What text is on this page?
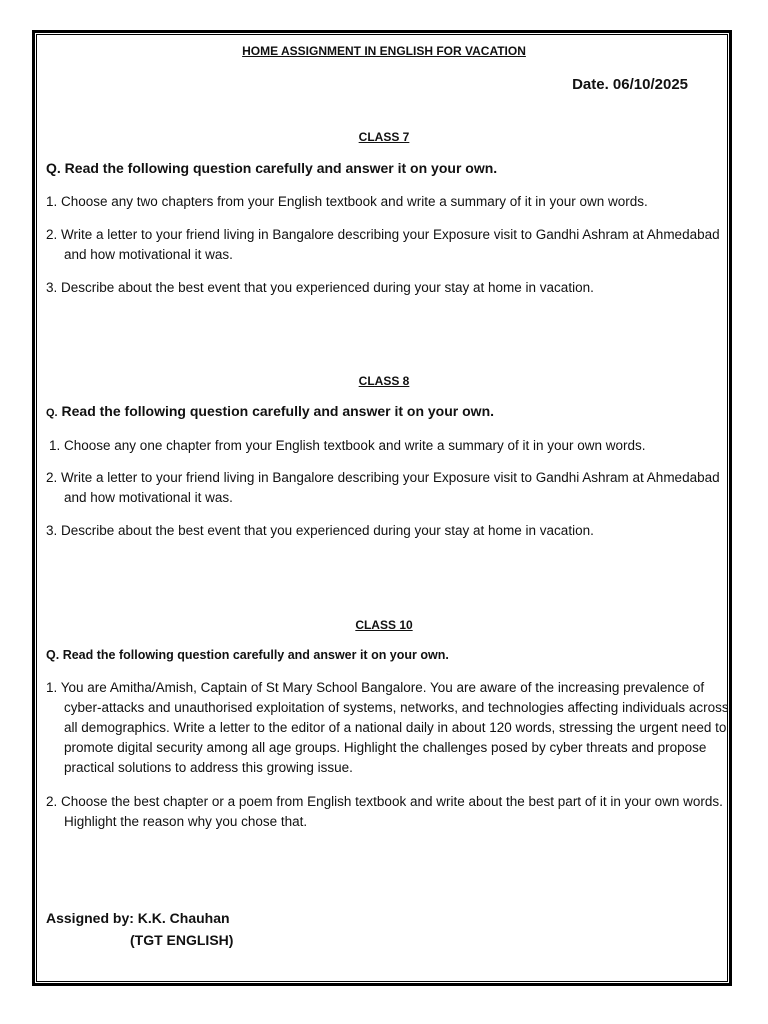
HOME ASSIGNMENT IN ENGLISH FOR VACATION
Date. 06/10/2025
CLASS 7
Q. Read the following question carefully and answer it on your own.
1. Choose any two chapters from your English textbook and write a summary of it in your own words.
2. Write a letter to your friend living in Bangalore describing your Exposure visit to Gandhi Ashram at Ahmedabad and how motivational it was.
3. Describe about the best event that you experienced during your stay at home in vacation.
CLASS 8
Q. Read the following question carefully and answer it on your own.
1. Choose any one chapter from your English textbook and write a summary of it in your own words.
2. Write a letter to your friend living in Bangalore describing your Exposure visit to Gandhi Ashram at Ahmedabad and how motivational it was.
3. Describe about the best event that you experienced during your stay at home in vacation.
CLASS 10
Q. Read the following question carefully and answer it on your own.
1. You are Amitha/Amish, Captain of St Mary School Bangalore. You are aware of the increasing prevalence of cyber-attacks and unauthorised exploitation of systems, networks, and technologies affecting individuals across all demographics. Write a letter to the editor of a national daily in about 120 words, stressing the urgent need to promote digital security among all age groups. Highlight the challenges posed by cyber threats and propose practical solutions to address this growing issue.
2. Choose the best chapter or a poem from English textbook and write about the best part of it in your own words. Highlight the reason why you chose that.
Assigned by: K.K. Chauhan
(TGT ENGLISH)
